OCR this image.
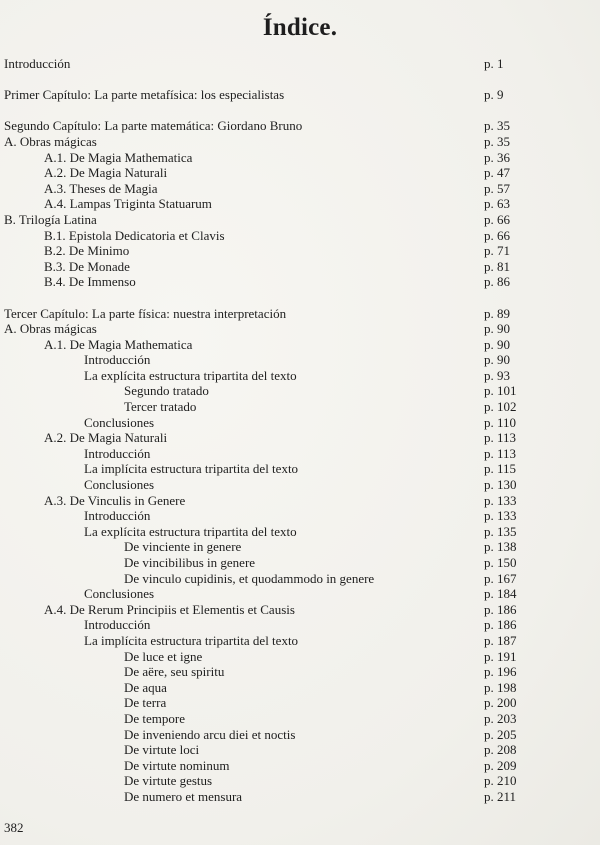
Índice.
Introducción	p. 1
Primer Capítulo: La parte metafísica: los especialistas	p. 9
Segundo Capítulo: La parte matemática: Giordano Bruno	p. 35
A. Obras mágicas	p. 35
A.1. De Magia Mathematica	p. 36
A.2. De Magia Naturali	p. 47
A.3. Theses de Magia	p. 57
A.4. Lampas Triginta Statuarum	p. 63
B. Trilogía Latina	p. 66
B.1. Epistola Dedicatoria et Clavis	p. 66
B.2. De Minimo	p. 71
B.3. De Monade	p. 81
B.4. De Immenso	p. 86
Tercer Capítulo: La parte física: nuestra interpretación	p. 89
A. Obras mágicas	p. 90
A.1. De Magia Mathematica	p. 90
Introducción	p. 90
La explícita estructura tripartita del texto	p. 93
Segundo tratado	p. 101
Tercer tratado	p. 102
Conclusiones	p. 110
A.2. De Magia Naturali	p. 113
Introducción	p. 113
La implícita estructura tripartita del texto	p. 115
Conclusiones	p. 130
A.3. De Vinculis in Genere	p. 133
Introducción	p. 133
La explícita estructura tripartita del texto	p. 135
De vinciente in genere	p. 138
De vincibilibus in genere	p. 150
De vinculo cupidinis, et quodammodo in genere	p. 167
Conclusiones	p. 184
A.4. De Rerum Principiis et Elementis et Causis	p. 186
Introducción	p. 186
La implícita estructura tripartita del texto	p. 187
De luce et igne	p. 191
De aëre, seu spiritu	p. 196
De aqua	p. 198
De terra	p. 200
De tempore	p. 203
De inveniendo arcu diei et noctis	p. 205
De virtute loci	p. 208
De virtute nominum	p. 209
De virtute gestus	p. 210
De numero et mensura	p. 211
382
